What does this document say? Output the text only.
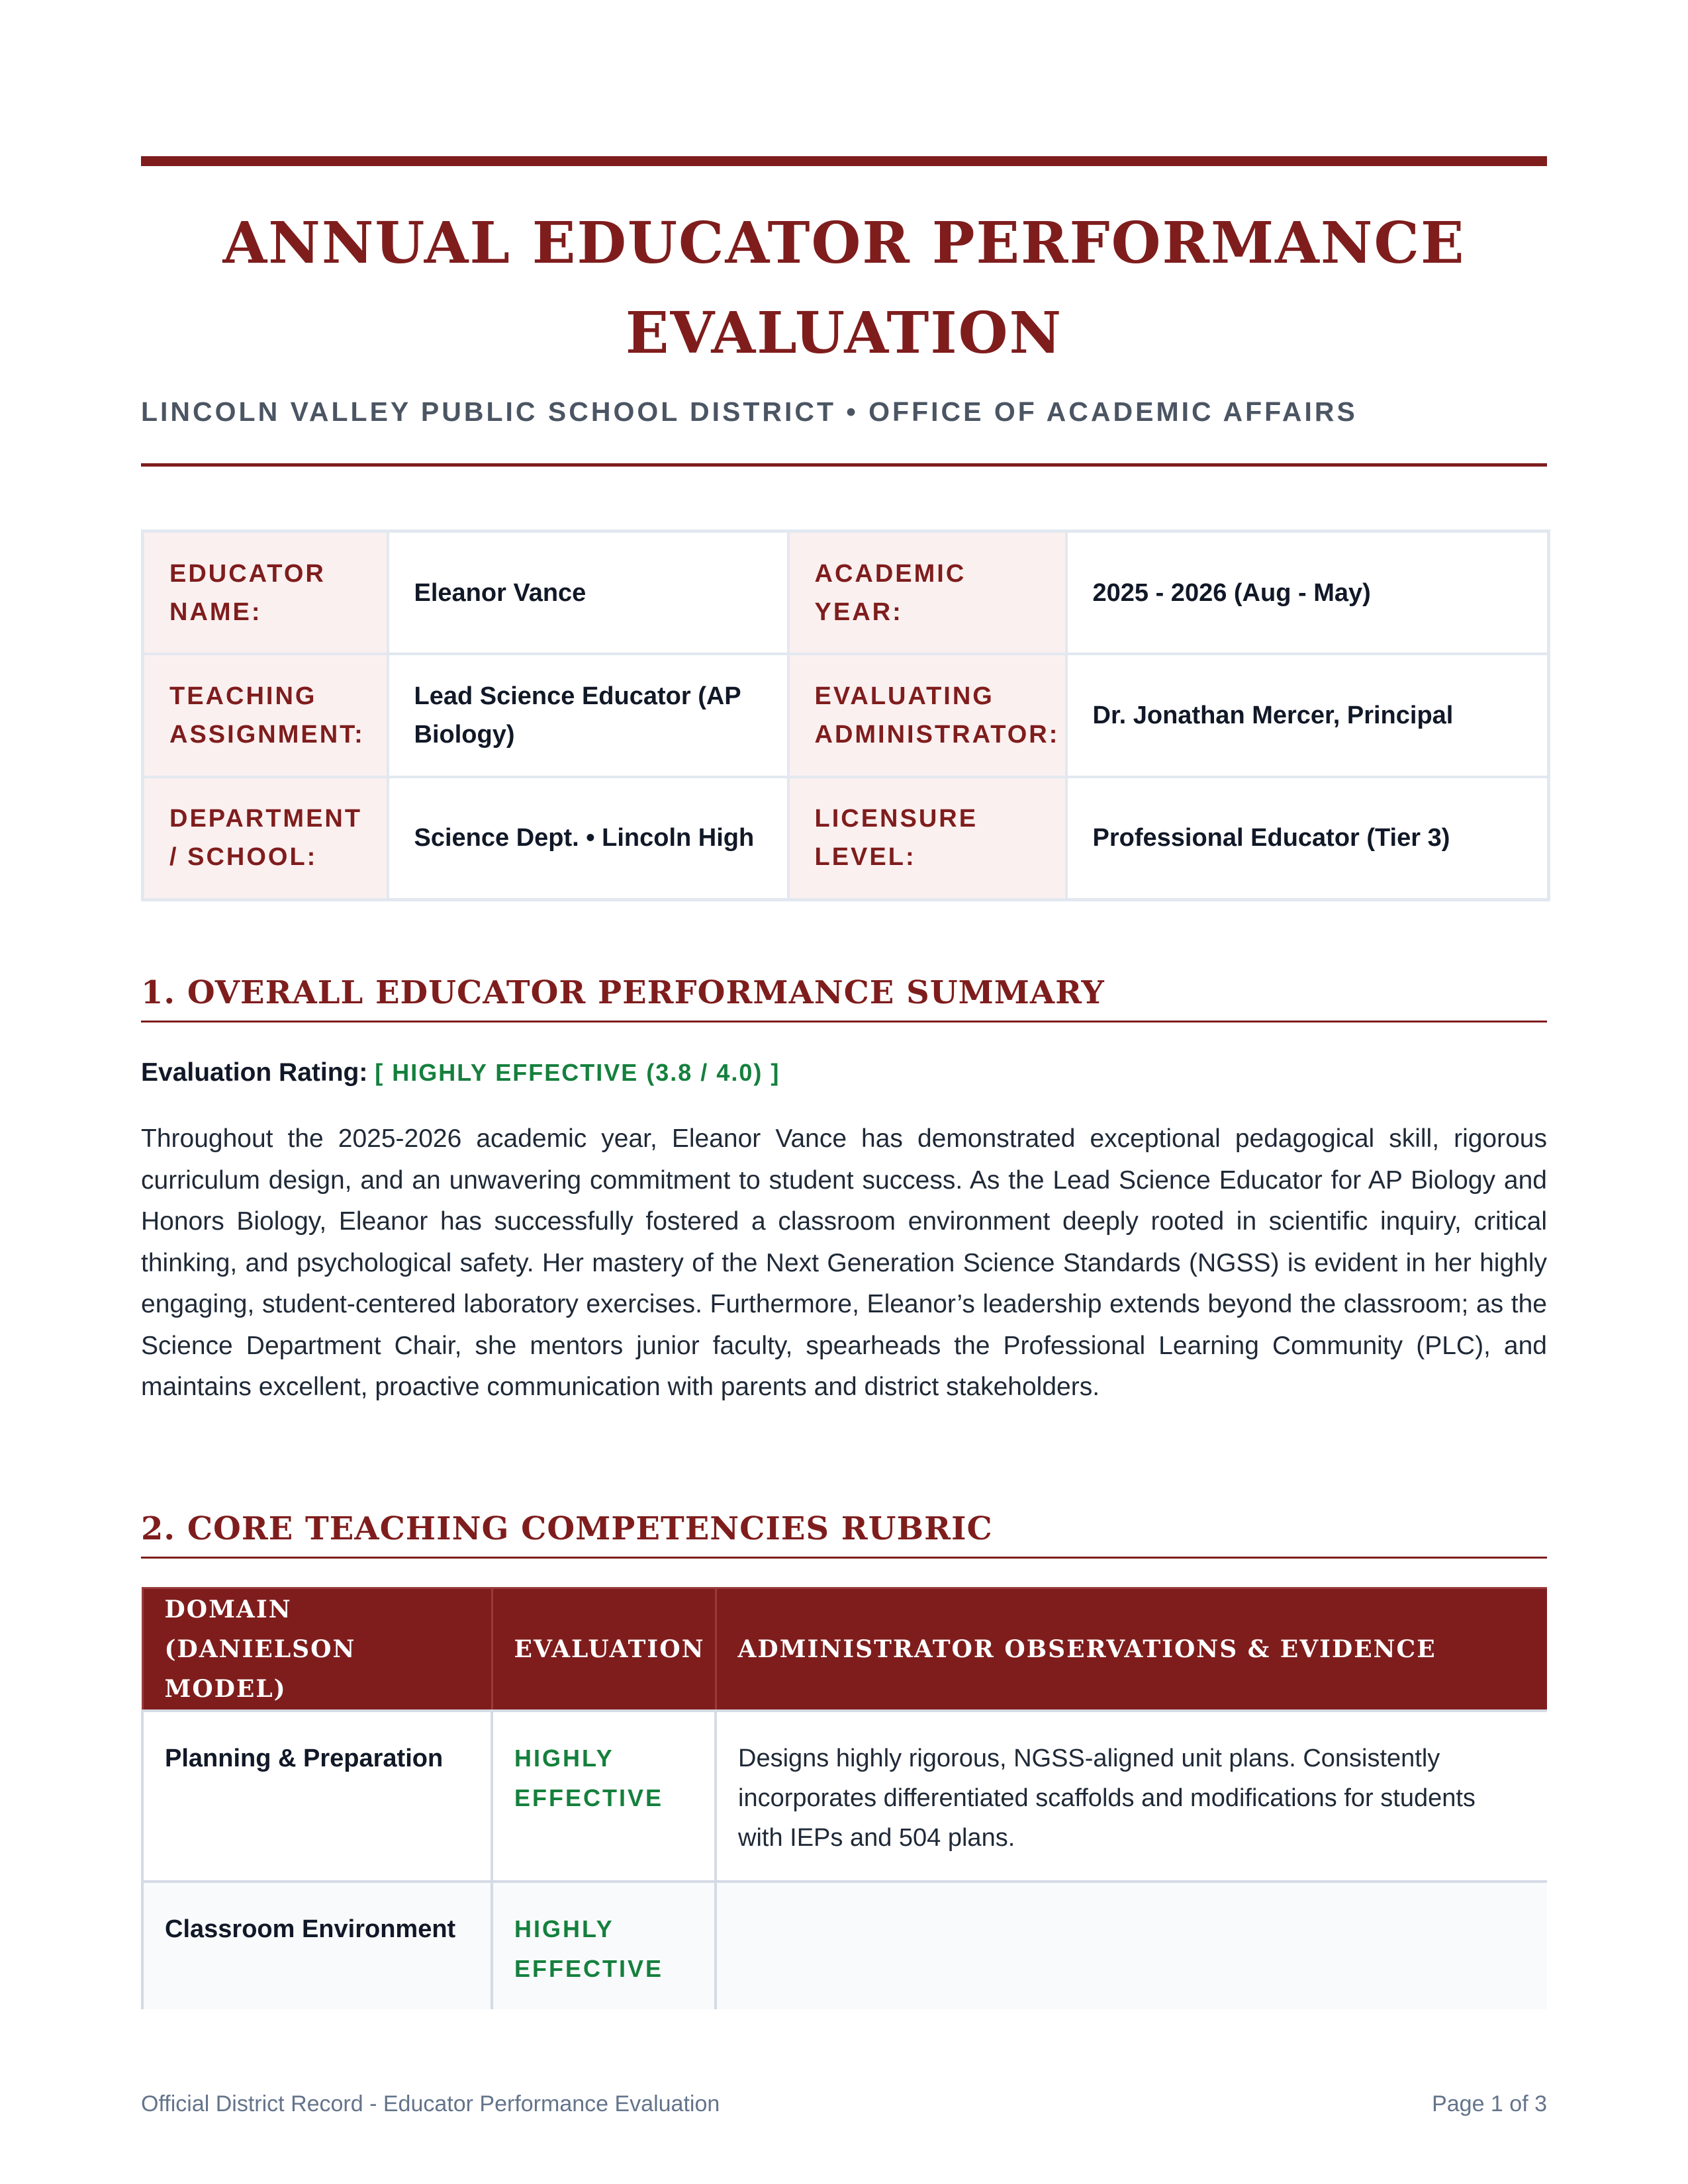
ANNUAL EDUCATOR PERFORMANCE EVALUATION
LINCOLN VALLEY PUBLIC SCHOOL DISTRICT • OFFICE OF ACADEMIC AFFAIRS
EDUCATOR NAME:	Eleanor Vance	ACADEMIC YEAR:	2025 - 2026 (Aug - May)
TEACHING ASSIGNMENT:	Lead Science Educator (AP Biology)	EVALUATING ADMINISTRATOR:	Dr. Jonathan Mercer, Principal
DEPARTMENT / SCHOOL:	Science Dept. • Lincoln High	LICENSURE LEVEL:	Professional Educator (Tier 3)
1. OVERALL EDUCATOR PERFORMANCE SUMMARY
Evaluation Rating: [ HIGHLY EFFECTIVE (3.8 / 4.0) ]

Throughout the 2025-2026 academic year, Eleanor Vance has demonstrated exceptional pedagogical skill, rigorous curriculum design, and an unwavering commitment to student success. As the Lead Science Educator for AP Biology and Honors Biology, Eleanor has successfully fostered a classroom environment deeply rooted in scientific inquiry, critical thinking, and psychological safety. Her mastery of the Next Generation Science Standards (NGSS) is evident in her highly engaging, student-centered laboratory exercises. Furthermore, Eleanor’s leadership extends beyond the classroom; as the Science Department Chair, she mentors junior faculty, spearheads the Professional Learning Community (PLC), and maintains excellent, proactive communication with parents and district stakeholders.

2. CORE TEACHING COMPETENCIES RUBRIC
DOMAIN (DANIELSON MODEL)	EVALUATION	ADMINISTRATOR OBSERVATIONS & EVIDENCE
Planning & Preparation	HIGHLY EFFECTIVE	Designs highly rigorous, NGSS-aligned unit plans. Consistently incorporates differentiated scaffolds and modifications for students with IEPs and 504 plans.
Classroom Environment	HIGHLY EFFECTIVE	
Official District Record - Educator Performance Evaluation	Page 1 of 3
